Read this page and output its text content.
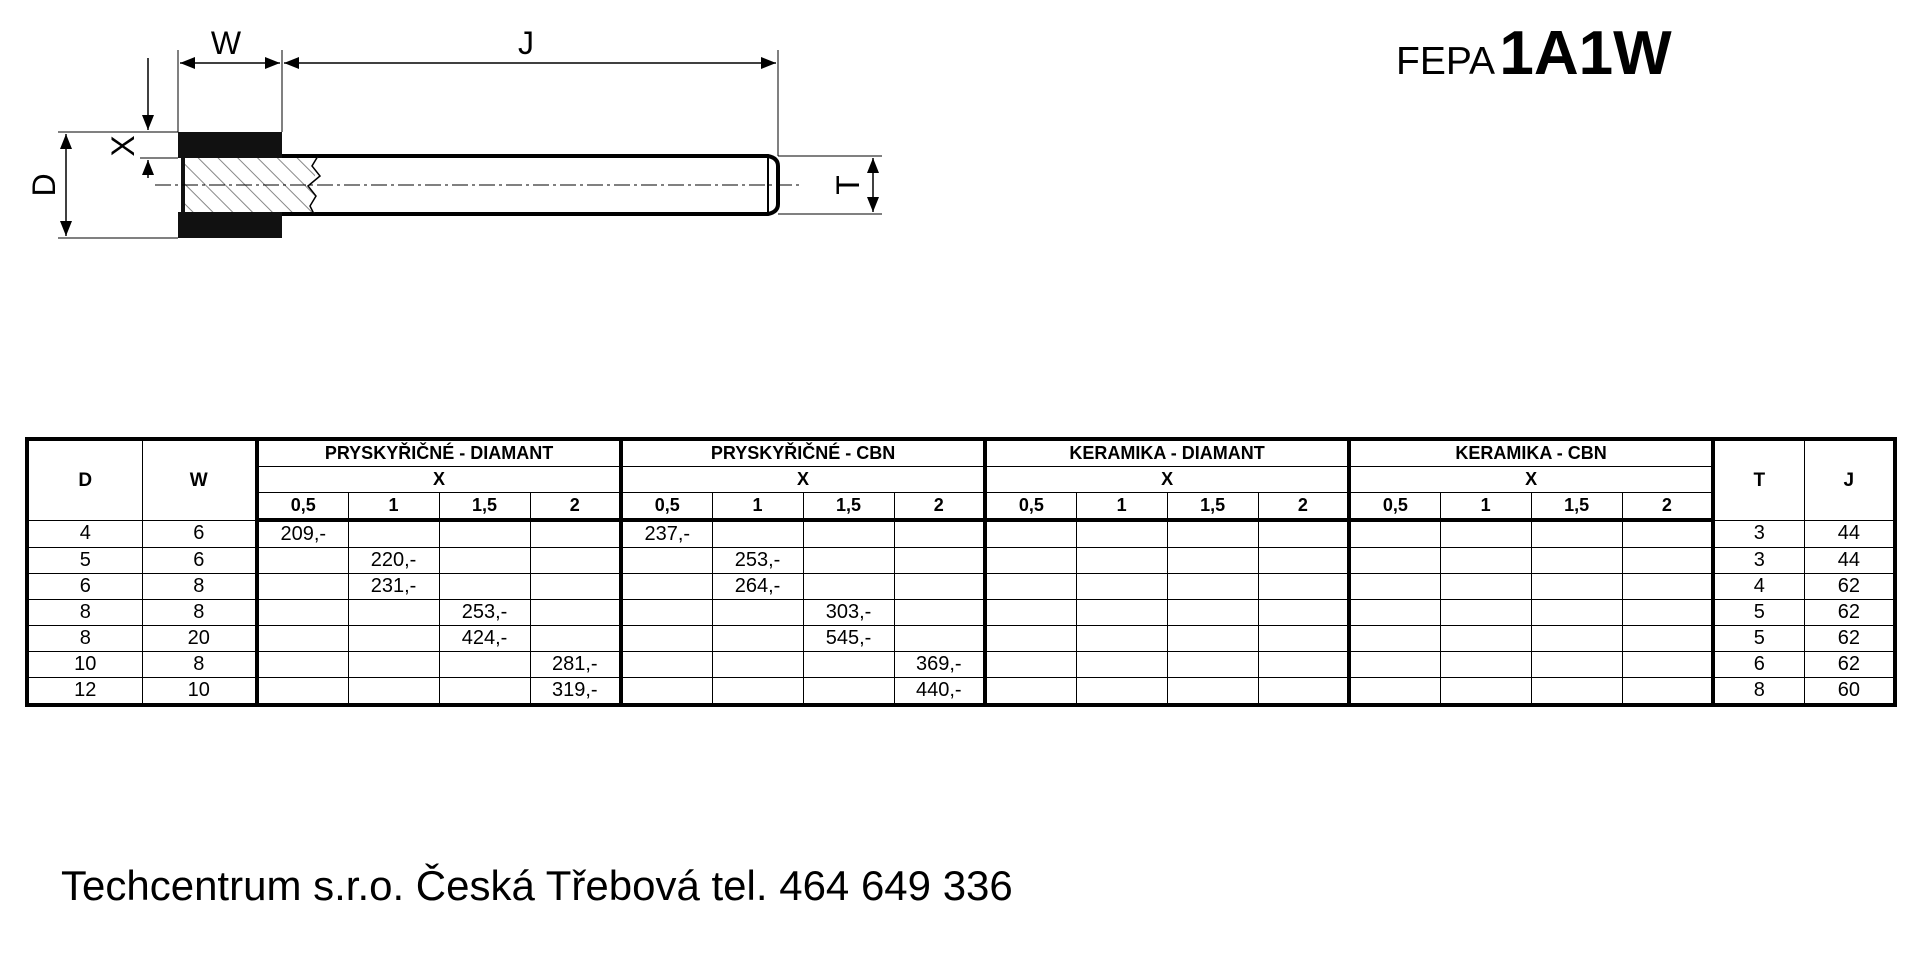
W	J
X
D	T
FEPA 1A1W
D	W	PRYSKYŘIČNÉ - DIAMANT				PRYSKYŘIČNÉ - CBN				KERAMIKA - DIAMANT				KERAMIKA - CBN				T	J
		X				X				X				X					
		0,5	1	1,5	2	0,5	1	1,5	2	0,5	1	1,5	2	0,5	1	1,5	2		
4	6	209,-				237,-												3	44
5	6		220,-				253,-											3	44
6	8		231,-				264,-											4	62
8	8			253,-				303,-										5	62
8	20			424,-				545,-										5	62
10	8				281,-				369,-									6	62
12	10				319,-				440,-									8	60
Techcentrum s.r.o. Česká Třebová tel. 464 649 336
